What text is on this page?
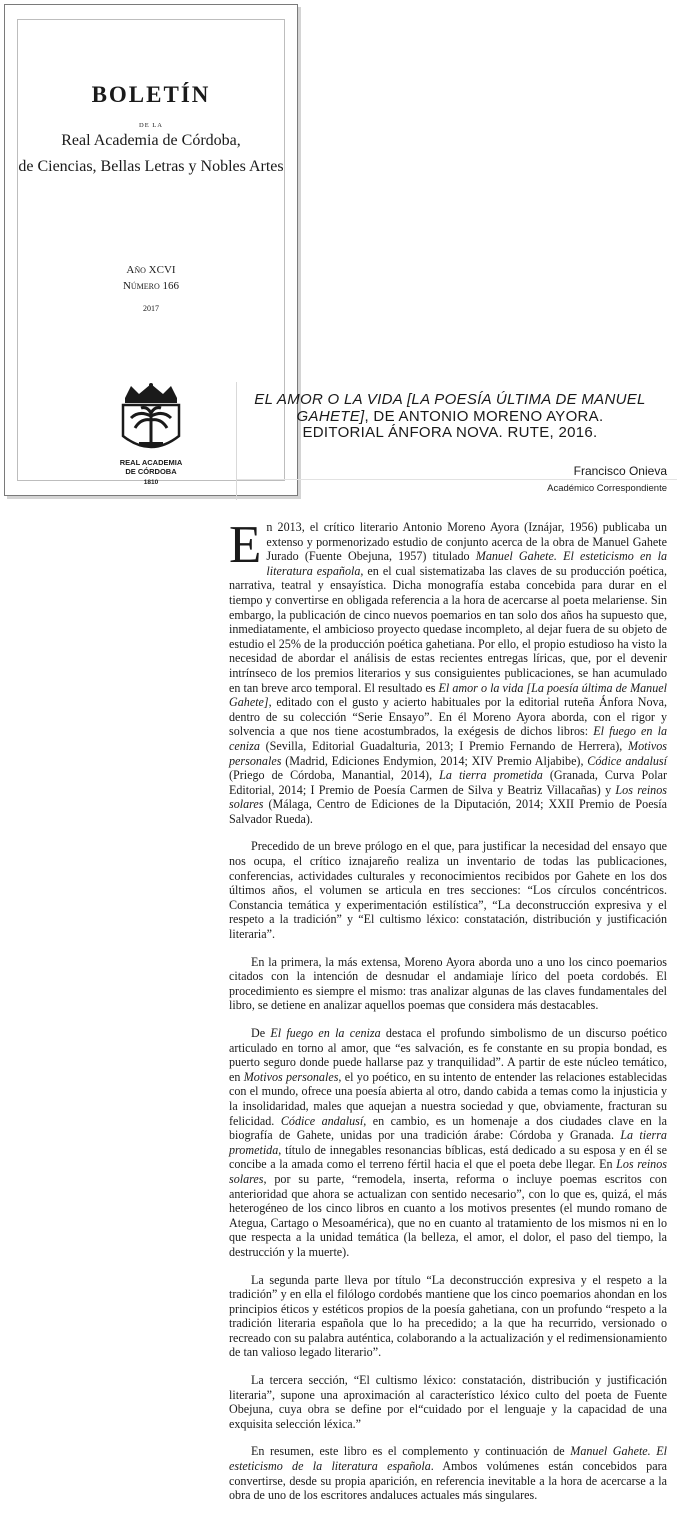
BOLETÍN
DE LA
Real Academia de Córdoba,
de Ciencias, Bellas Letras y Nobles Artes
Año XCVI
Número 166
2017
REAL ACADEMIA
DE CÓRDOBA
1810
EL AMOR O LA VIDA [LA POESÍA ÚLTIMA DE MANUEL GAHETE], DE ANTONIO MORENO AYORA.
EDITORIAL ÁNFORA NOVA. RUTE, 2016.
Francisco Onieva
Académico Correspondiente

En 2013, el crítico literario Antonio Moreno Ayora (Iznájar, 1956) publicaba un extenso y pormenorizado estudio de conjunto acerca de la obra de Manuel Gahete Jurado (Fuente Obejuna, 1957) titulado Manuel Gahete. El esteticismo en la literatura española, en el cual sistematizaba las claves de su producción poética, narrativa, teatral y ensayística. Dicha monografía estaba concebida para durar en el tiempo y convertirse en obligada referencia a la hora de acercarse al poeta melariense. Sin embargo, la publicación de cinco nuevos poemarios en tan solo dos años ha supuesto que, inmediatamente, el ambicioso proyecto quedase incompleto, al dejar fuera de su objeto de estudio el 25% de la producción poética gahetiana. Por ello, el propio estudioso ha visto la necesidad de abordar el análisis de estas recientes entregas líricas, que, por el devenir intrínseco de los premios literarios y sus consiguientes publicaciones, se han acumulado en tan breve arco temporal. El resultado es El amor o la vida [La poesía última de Manuel Gahete], editado con el gusto y acierto habituales por la editorial ruteña Ánfora Nova, dentro de su colección “Serie Ensayo”. En él Moreno Ayora aborda, con el rigor y solvencia a que nos tiene acostumbrados, la exégesis de dichos libros: El fuego en la ceniza (Sevilla, Editorial Guadalturia, 2013; I Premio Fernando de Herrera), Motivos personales (Madrid, Ediciones Endymion, 2014; XIV Premio Aljabibe), Códice andalusí (Priego de Córdoba, Manantial, 2014), La tierra prometida (Granada, Curva Polar Editorial, 2014; I Premio de Poesía Carmen de Silva y Beatriz Villacañas) y Los reinos solares (Málaga, Centro de Ediciones de la Diputación, 2014; XXII Premio de Poesía Salvador Rueda).

Precedido de un breve prólogo en el que, para justificar la necesidad del ensayo que nos ocupa, el crítico iznajareño realiza un inventario de todas las publicaciones, conferencias, actividades culturales y reconocimientos recibidos por Gahete en los dos últimos años, el volumen se articula en tres secciones: “Los círculos concéntricos. Constancia temática y experimentación estilística”, “La deconstrucción expresiva y el respeto a la tradición” y “El cultismo léxico: constatación, distribución y justificación literaria”.

En la primera, la más extensa, Moreno Ayora aborda uno a uno los cinco poemarios citados con la intención de desnudar el andamiaje lírico del poeta cordobés. El procedimiento es siempre el mismo: tras analizar algunas de las claves fundamentales del libro, se detiene en analizar aquellos poemas que considera más destacables.

De El fuego en la ceniza destaca el profundo simbolismo de un discurso poético articulado en torno al amor, que “es salvación, es fe constante en su propia bondad, es puerto seguro donde puede hallarse paz y tranquilidad”. A partir de este núcleo temático, en Motivos personales, el yo poético, en su intento de entender las relaciones establecidas con el mundo, ofrece una poesía abierta al otro, dando cabida a temas como la injusticia y la insolidaridad, males que aquejan a nuestra sociedad y que, obviamente, fracturan su felicidad. Códice andalusí, en cambio, es un homenaje a dos ciudades clave en la biografía de Gahete, unidas por una tradición árabe: Córdoba y Granada. La tierra prometida, título de innegables resonancias bíblicas, está dedicado a su esposa y en él se concibe a la amada como el terreno fértil hacia el que el poeta debe llegar. En Los reinos solares, por su parte, “remodela, inserta, reforma o incluye poemas escritos con anterioridad que ahora se actualizan con sentido necesario”, con lo que es, quizá, el más heterogéneo de los cinco libros en cuanto a los motivos presentes (el mundo romano de Ategua, Cartago o Mesoamérica), que no en cuanto al tratamiento de los mismos ni en lo que respecta a la unidad temática (la belleza, el amor, el dolor, el paso del tiempo, la destrucción y la muerte).

La segunda parte lleva por título “La deconstrucción expresiva y el respeto a la tradición” y en ella el filólogo cordobés mantiene que los cinco poemarios ahondan en los principios éticos y estéticos propios de la poesía gahetiana, con un profundo “respeto a la tradición literaria española que lo ha precedido; a la que ha recurrido, versionado o recreado con su palabra auténtica, colaborando a la actualización y el redimensionamiento de tan valioso legado literario”.

La tercera sección, “El cultismo léxico: constatación, distribución y justificación literaria”, supone una aproximación al característico léxico culto del poeta de Fuente Obejuna, cuya obra se define por el“cuidado por el lenguaje y la capacidad de una exquisita selección léxica.”

En resumen, este libro es el complemento y continuación de Manuel Gahete. El esteticismo de la literatura española. Ambos volúmenes están concebidos para convertirse, desde su propia aparición, en referencia inevitable a la hora de acercarse a la obra de uno de los escritores andaluces actuales más singulares.
